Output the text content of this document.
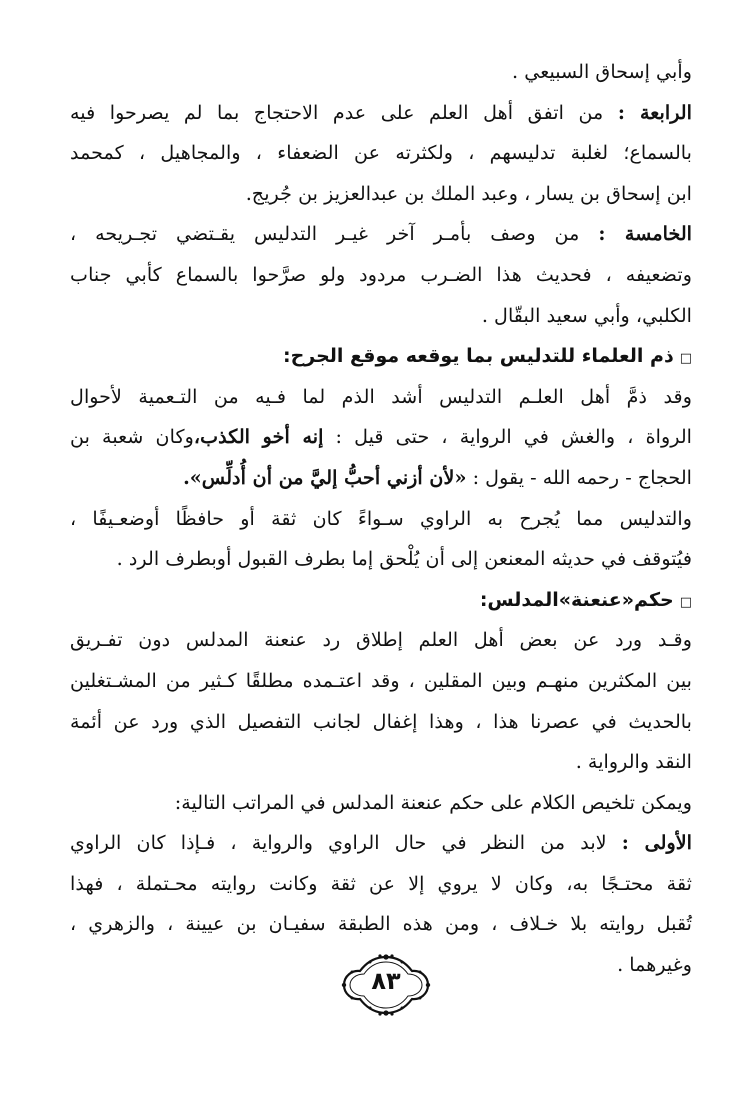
وأبي إسحاق السبيعي .
الرابعة : من اتفق أهل العلم على عدم الاحتجاج بما لم يصرحوا فيه
بالسماع؛ لغلبة تدليسهم ، ولكثرته عن الضعفاء ، والمجاهيل ، كمحمد
ابن إسحاق بن يسار ، وعبد الملك بن عبدالعزيز بن جُريج.
الخامسة : من وصف بأمـر آخر غيـر التدليس يقـتضي تجـريحه ،
وتضعيفه ، فحديث هذا الضـرب مردود ولو صرَّحوا بالسماع كأبي جناب
الكلبي، وأبي سعيد البقّال .
□ذم العلماء للتدليس بما يوقعه موقع الجرح:
وقد ذمَّ أهل العلـم التدليس أشد الذم لما فـيه من التـعمية لأحوال
الرواة ، والغش في الرواية ، حتى قيل : إنه أخو الكذب،وكان شعبة بن
الحجاج - رحمه الله - يقول : «لأن أزني أحبُّ إليَّ من أن أُدلِّس».
والتدليس مما يُجرح به الراوي سـواءً كان ثقة أو حافظًا أوضعـيفًا ،
فيُتوقف في حديثه المعنعن إلى أن يُلْحق إما بطرف القبول أوبطرف الرد .
□حكم«عنعنة»المدلس:
وقـد ورد عن بعض أهل العلم إطلاق رد عنعنة المدلس دون تفـريق
بين المكثرين منهـم وبين المقلين ، وقد اعتـمده مطلقًا كـثير من المشـتغلين
بالحديث في عصرنا هذا ، وهذا إغفال لجانب التفصيل الذي ورد عن أئمة
النقد والرواية .
ويمكن تلخيص الكلام على حكم عنعنة المدلس في المراتب التالية:
الأولى : لابد من النظر في حال الراوي والرواية ، فـإذا كان الراوي
ثقة محتـجًا به، وكان لا يروي إلا عن ثقة وكانت روايته محـتملة ، فهذا
تُقبل روايته بلا خـلاف ، ومن هذه الطبقة سفيـان بن عيينة ، والزهري ،
وغيرهما .
٨٣
